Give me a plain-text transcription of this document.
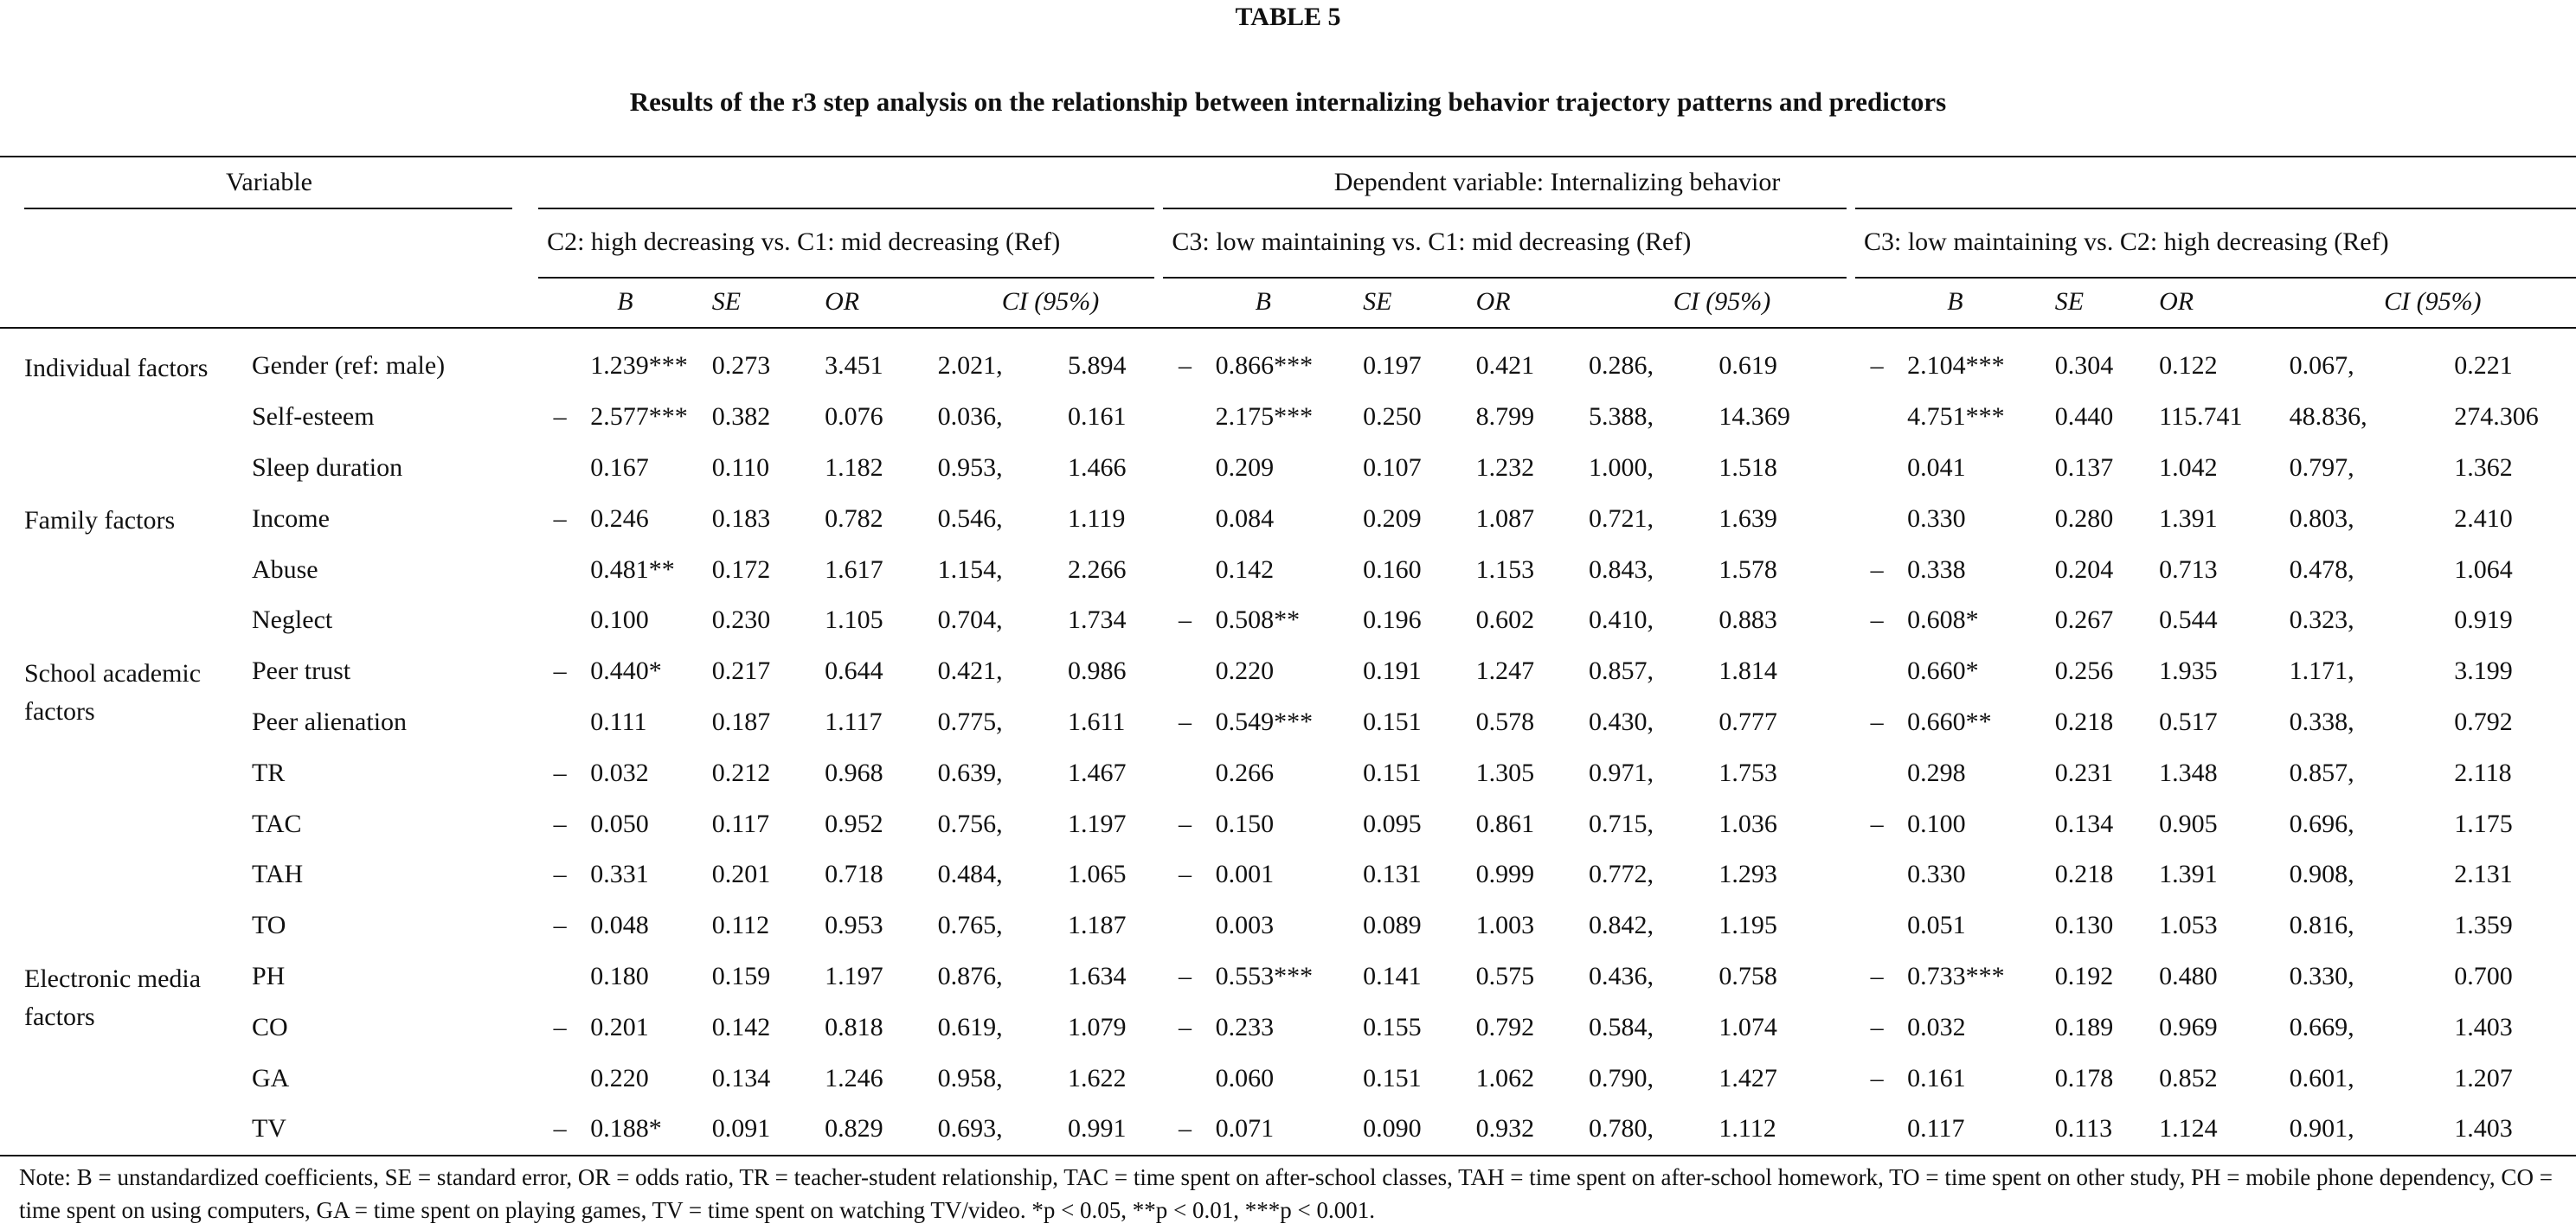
TABLE 5
Results of the r3 step analysis on the relationship between internalizing behavior trajectory patterns and predictors
Variable		Dependent variable: Internalizing behavior																	

C2: high decreasing vs. C1: mid decreasing (Ref)						C3: low maintaining vs. C1: mid decreasing (Ref)						C3: low maintaining vs. C2: high decreasing (Ref)					

B		SE	OR	CI (95%)		B		SE	OR	CI (95%)		B		SE	OR	CI (95%)	

Individual factors	Gender (ref: male)		1.239***	0.273	3.451	2.021,	5.894	–	0.866***	0.197	0.421	0.286,	0.619	–	2.104***	0.304	0.122	0.067,	0.221
	Self-esteem	–	2.577***	0.382	0.076	0.036,	0.161		2.175***	0.250	8.799	5.388,	14.369		4.751***	0.440	115.741	48.836,	274.306
	Sleep duration		0.167	0.110	1.182	0.953,	1.466		0.209	0.107	1.232	1.000,	1.518		0.041	0.137	1.042	0.797,	1.362
Family factors	Income	–	0.246	0.183	0.782	0.546,	1.119		0.084	0.209	1.087	0.721,	1.639		0.330	0.280	1.391	0.803,	2.410
	Abuse		0.481**	0.172	1.617	1.154,	2.266		0.142	0.160	1.153	0.843,	1.578	–	0.338	0.204	0.713	0.478,	1.064
	Neglect		0.100	0.230	1.105	0.704,	1.734	–	0.508**	0.196	0.602	0.410,	0.883	–	0.608*	0.267	0.544	0.323,	0.919
School academic factors	Peer trust	–	0.440*	0.217	0.644	0.421,	0.986		0.220	0.191	1.247	0.857,	1.814		0.660*	0.256	1.935	1.171,	3.199
	Peer alienation		0.111	0.187	1.117	0.775,	1.611	–	0.549***	0.151	0.578	0.430,	0.777	–	0.660**	0.218	0.517	0.338,	0.792
	TR	–	0.032	0.212	0.968	0.639,	1.467		0.266	0.151	1.305	0.971,	1.753		0.298	0.231	1.348	0.857,	2.118
	TAC	–	0.050	0.117	0.952	0.756,	1.197	–	0.150	0.095	0.861	0.715,	1.036	–	0.100	0.134	0.905	0.696,	1.175
	TAH	–	0.331	0.201	0.718	0.484,	1.065	–	0.001	0.131	0.999	0.772,	1.293		0.330	0.218	1.391	0.908,	2.131
	TO	–	0.048	0.112	0.953	0.765,	1.187		0.003	0.089	1.003	0.842,	1.195		0.051	0.130	1.053	0.816,	1.359
Electronic media factors	PH		0.180	0.159	1.197	0.876,	1.634	–	0.553***	0.141	0.575	0.436,	0.758	–	0.733***	0.192	0.480	0.330,	0.700
	CO	–	0.201	0.142	0.818	0.619,	1.079	–	0.233	0.155	0.792	0.584,	1.074	–	0.032	0.189	0.969	0.669,	1.403
	GA		0.220	0.134	1.246	0.958,	1.622		0.060	0.151	1.062	0.790,	1.427	–	0.161	0.178	0.852	0.601,	1.207
	TV	–	0.188*	0.091	0.829	0.693,	0.991	–	0.071	0.090	0.932	0.780,	1.112		0.117	0.113	1.124	0.901,	1.403
Note: B = unstandardized coefficients, SE = standard error, OR = odds ratio, TR = teacher-student relationship, TAC = time spent on after-school classes, TAH = time spent on after-school homework, TO = time spent on other study, PH = mobile phone dependency, CO = time spent on using computers, GA = time spent on playing games, TV = time spent on watching TV/video. *p < 0.05, **p < 0.01, ***p < 0.001.
